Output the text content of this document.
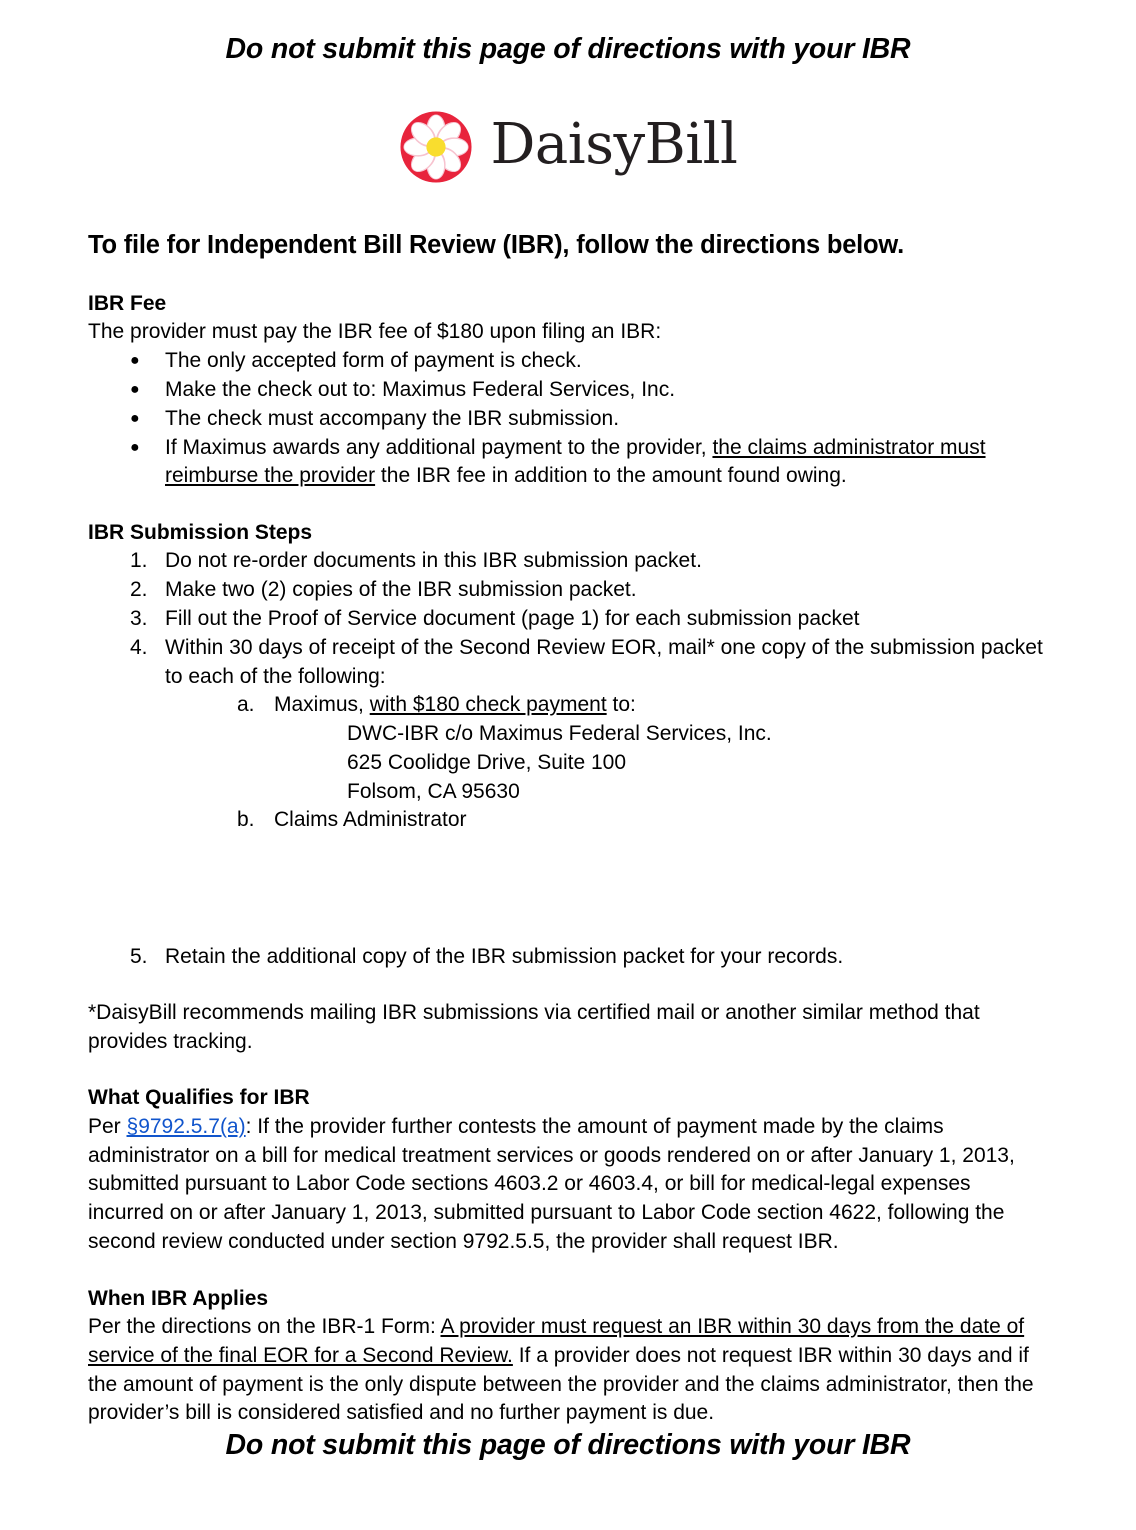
Do not submit this page of directions with your IBR
DaisyBill
To file for Independent Bill Review (IBR), follow the directions below.
IBR Fee

The provider must pay the IBR fee of $180 upon filing an IBR:

●	The only accepted form of payment is check.
●	Make the check out to: Maximus Federal Services, Inc.
●	The check must accompany the IBR submission.
●	If Maximus awards any additional payment to the provider, the claims administrator must reimburse the provider the IBR fee in addition to the amount found owing.
IBR Submission Steps
1. Do not re-order documents in this IBR submission packet.
2. Make two (2) copies of the IBR submission packet.
3. Fill out the Proof of Service document (page 1) for each submission packet
4. Within 30 days of receipt of the Second Review EOR, mail* one copy of the submission packet to each of the following:
a. Maximus, with $180 check payment to:
DWC-IBR c/o Maximus Federal Services, Inc.
625 Coolidge Drive, Suite 100
Folsom, CA 95630
b. Claims Administrator
5. Retain the additional copy of the IBR submission packet for your records.

*DaisyBill recommends mailing IBR submissions via certified mail or another similar method that provides tracking.

What Qualifies for IBR

Per §9792.5.7(a): If the provider further contests the amount of payment made by the claims administrator on a bill for medical treatment services or goods rendered on or after January 1, 2013, submitted pursuant to Labor Code sections 4603.2 or 4603.4, or bill for medical-legal expenses incurred on or after January 1, 2013, submitted pursuant to Labor Code section 4622, following the second review conducted under section 9792.5.5, the provider shall request IBR.

When IBR Applies

Per the directions on the IBR-1 Form: A provider must request an IBR within 30 days from the date of service of the final EOR for a Second Review. If a provider does not request IBR within 30 days and if the amount of payment is the only dispute between the provider and the claims administrator, then the provider’s bill is considered satisfied and no further payment is due.

Do not submit this page of directions with your IBR
